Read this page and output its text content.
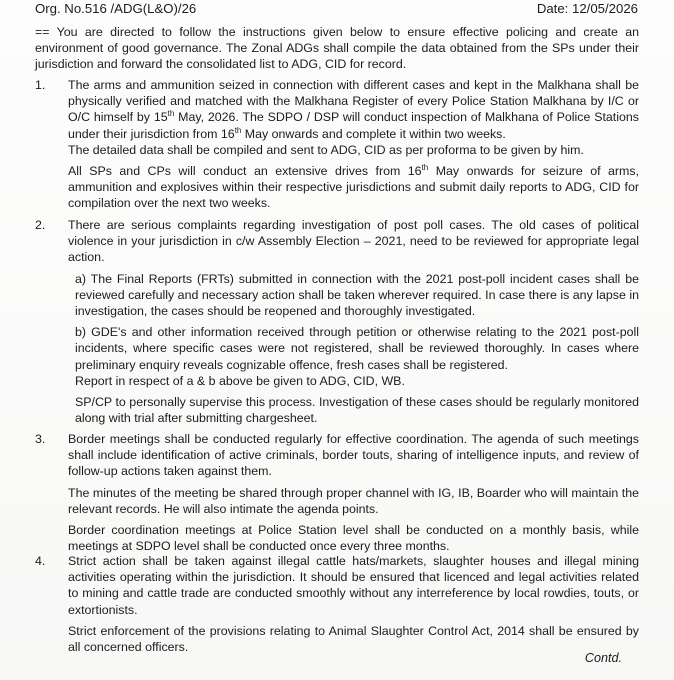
Org. No.516 /ADG(L&O)/26	Date: 12/05/2026
== You are directed to follow the instructions given below to ensure effective policing and create an environment of good governance. The Zonal ADGs shall compile the data obtained from the SPs under their jurisdiction and forward the consolidated list to ADG, CID for record.
1.	The arms and ammunition seized in connection with different cases and kept in the Malkhana shall be physically verified and matched with the Malkhana Register of every Police Station Malkhana by I/C or O/C himself by 15th May, 2026. The SDPO / DSP will conduct inspection of Malkhana of Police Stations under their jurisdiction from 16th May onwards and complete it within two weeks.

The detailed data shall be compiled and sent to ADG, CID as per proforma to be given by him.

All SPs and CPs will conduct an extensive drives from 16th May onwards for seizure of arms, ammunition and explosives within their respective jurisdictions and submit daily reports to ADG, CID for compilation over the next two weeks.

2.	There are serious complaints regarding investigation of post poll cases. The old cases of political violence in your jurisdiction in c/w Assembly Election – 2021, need to be reviewed for appropriate legal action.

a) The Final Reports (FRTs) submitted in connection with the 2021 post-poll incident cases shall be reviewed carefully and necessary action shall be taken wherever required. In case there is any lapse in investigation, the cases should be reopened and thoroughly investigated.

b) GDE's and other information received through petition or otherwise relating to the 2021 post-poll incidents, where specific cases were not registered, shall be reviewed thoroughly. In cases where preliminary enquiry reveals cognizable offence, fresh cases shall be registered.

Report in respect of a & b above be given to ADG, CID, WB.

SP/CP to personally supervise this process. Investigation of these cases should be regularly monitored along with trial after submitting chargesheet.

3.	Border meetings shall be conducted regularly for effective coordination. The agenda of such meetings shall include identification of active criminals, border touts, sharing of intelligence inputs, and review of follow-up actions taken against them.

The minutes of the meeting be shared through proper channel with IG, IB, Boarder who will maintain the relevant records. He will also intimate the agenda points.

Border coordination meetings at Police Station level shall be conducted on a monthly basis, while meetings at SDPO level shall be conducted once every three months.

4.	Strict action shall be taken against illegal cattle hats/markets, slaughter houses and illegal mining activities operating within the jurisdiction. It should be ensured that licenced and legal activities related to mining and cattle trade are conducted smoothly without any interreference by local rowdies, touts, or extortionists.

Strict enforcement of the provisions relating to Animal Slaughter Control Act, 2014 shall be ensured by all concerned officers.

Contd.
